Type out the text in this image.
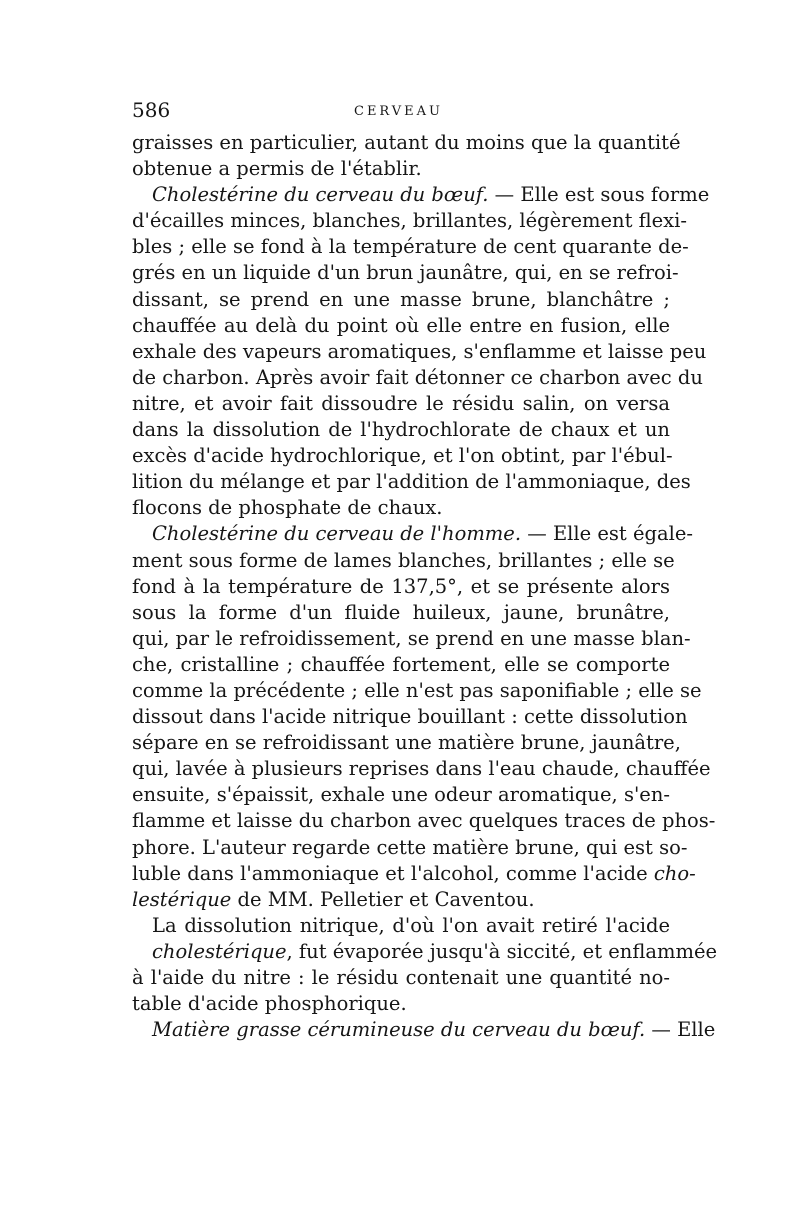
586	CERVEAU
graisses en particulier, autant du moins que la quantité
obtenue a permis de l'établir.
Cholestérine du cerveau du bœuf. — Elle est sous forme
d'écailles minces, blanches, brillantes, légèrement flexi-
bles ; elle se fond à la température de cent quarante de-
grés en un liquide d'un brun jaunâtre, qui, en se refroi-
dissant, se prend en une masse brune, blanchâtre ;
chauffée au delà du point où elle entre en fusion, elle
exhale des vapeurs aromatiques, s'enflamme et laisse peu
de charbon. Après avoir fait détonner ce charbon avec du
nitre, et avoir fait dissoudre le résidu salin, on versa
dans la dissolution de l'hydrochlorate de chaux et un
excès d'acide hydrochlorique, et l'on obtint, par l'ébul-
lition du mélange et par l'addition de l'ammoniaque, des
flocons de phosphate de chaux.
Cholestérine du cerveau de l'homme. — Elle est égale-
ment sous forme de lames blanches, brillantes ; elle se
fond à la température de 137,5°, et se présente alors
sous la forme d'un fluide huileux, jaune, brunâtre,
qui, par le refroidissement, se prend en une masse blan-
che, cristalline ; chauffée fortement, elle se comporte
comme la précédente ; elle n'est pas saponifiable ; elle se
dissout dans l'acide nitrique bouillant : cette dissolution
sépare en se refroidissant une matière brune, jaunâtre,
qui, lavée à plusieurs reprises dans l'eau chaude, chauffée
ensuite, s'épaissit, exhale une odeur aromatique, s'en-
flamme et laisse du charbon avec quelques traces de phos-
phore. L'auteur regarde cette matière brune, qui est so-
luble dans l'ammoniaque et l'alcohol, comme l'acide cho-
lestérique de MM. Pelletier et Caventou.
La dissolution nitrique, d'où l'on avait retiré l'acide
cholestérique, fut évaporée jusqu'à siccité, et enflammée
à l'aide du nitre : le résidu contenait une quantité no-
table d'acide phosphorique.
Matière grasse cérumineuse du cerveau du bœuf. — Elle
